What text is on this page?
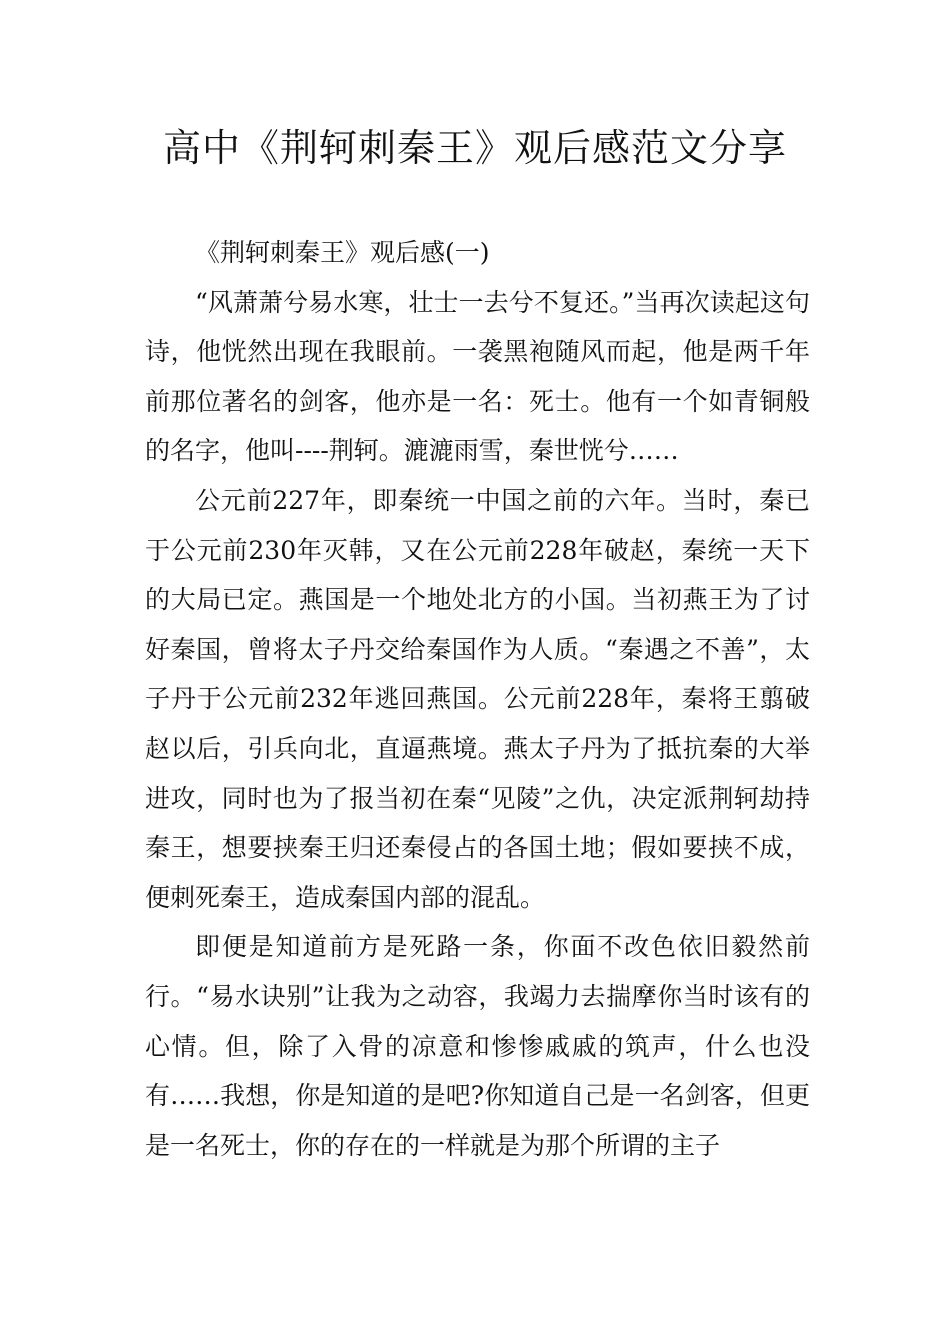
高中《荆轲刺秦王》观后感范文分享

《荆轲刺秦王》观后感(一)

“风萧萧兮易水寒，壮士一去兮不复还。”当再次读起这句诗，他恍然出现在我眼前。一袭黑袍随风而起，他是两千年前那位著名的剑客，他亦是一名：死士。他有一个如青铜般的名字，他叫----荆轲。漉漉雨雪，秦世恍兮……

公元前227年，即秦统一中国之前的六年。当时，秦已于公元前230年灭韩，又在公元前228年破赵，秦统一天下的大局已定。燕国是一个地处北方的小国。当初燕王为了讨好秦国，曾将太子丹交给秦国作为人质。“秦遇之不善”，太子丹于公元前232年逃回燕国。公元前228年，秦将王翦破赵以后，引兵向北，直逼燕境。燕太子丹为了抵抗秦的大举进攻，同时也为了报当初在秦“见陵”之仇，决定派荆轲劫持秦王，想要挟秦王归还秦侵占的各国土地；假如要挟不成，便刺死秦王，造成秦国内部的混乱。

即便是知道前方是死路一条，你面不改色依旧毅然前行。“易水诀别”让我为之动容，我竭力去揣摩你当时该有的心情。但，除了入骨的凉意和惨惨戚戚的筑声，什么也没有……我想，你是知道的是吧?你知道自己是一名剑客，但更是一名死士，你的存在的一样就是为那个所谓的主子
